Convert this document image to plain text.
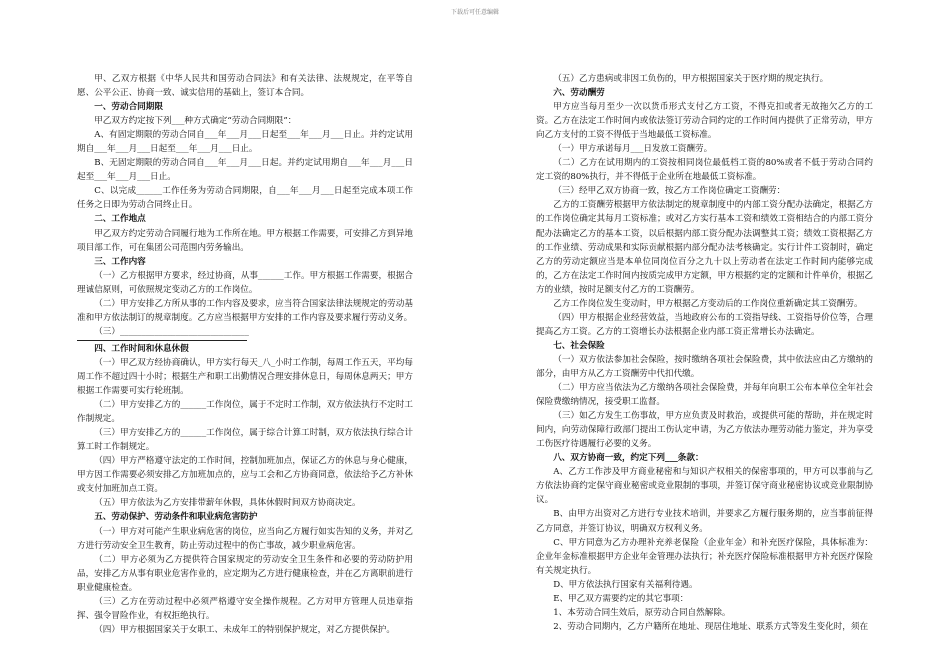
下载后可任意编辑

甲、乙双方根据《中华人民共和国劳动合同法》和有关法律、法规规定，在平等自愿、公平公正、协商一致、诚实信用的基础上，签订本合同。

一、劳动合同期限

甲乙双方约定按下列___种方式确定“劳动合同期限”：

A、有固定期限的劳动合同自___年___月___日起至___年___月___日止。并约定试用期自___年___月___日起至___年___月___日止。

B、无固定期限的劳动合同自___年___月___日起。并约定试用期自___年___月___日起至___年___月___日止。

C、以完成______工作任务为劳动合同期限，自___年___月___日起至完成本项工作任务之日即为劳动合同终止日。

二、工作地点

甲乙双方约定劳动合同履行地为工作所在地。甲方根据工作需要，可安排乙方到异地项目部工作，可在集团公司范围内劳务输出。

三、工作内容

（一）乙方根据甲方要求，经过协商，从事______工作。甲方根据工作需要，根据合理诚信原则，可依照规定变动乙方的工作岗位。

（二）甲方安排乙方所从事的工作内容及要求，应当符合国家法律法规规定的劳动基准和甲方依法制订的规章制度。乙方应当根据甲方安排的工作内容及要求履行劳动义务。

（三）______________________________

四、工作时间和休息休假

（一）甲乙双方经协商确认，甲方实行每天_八_小时工作制，每周工作五天，平均每周工作不超过四十小时；根据生产和职工出勤情况合理安排休息日，每周休息两天；甲方根据工作需要可实行轮班制。

（二）甲方安排乙方的______工作岗位，属于不定时工作制，双方依法执行不定时工作制规定。

（三）甲方安排乙方的______工作岗位，属于综合计算工时制，双方依法执行综合计算工时工作制规定。

（四）甲方严格遵守法定的工作时间，控制加班加点，保证乙方的休息与身心健康，甲方因工作需要必须安排乙方加班加点的，应与工会和乙方协商同意，依法给予乙方补休或支付加班加点工资。

（五）甲方依法为乙方安排带薪年休假，具体休假时间双方协商决定。

五、劳动保护、劳动条件和职业病危害防护

（一）甲方对可能产生职业病危害的岗位，应当向乙方履行如实告知的义务，并对乙方进行劳动安全卫生教育，防止劳动过程中的伤亡事故，减少职业病危害。

（二）甲方必须为乙方提供符合国家规定的劳动安全卫生条件和必要的劳动防护用品，安排乙方从事有职业危害作业的，应定期为乙方进行健康检查，并在乙方离职前进行职业健康检查。

（三）乙方在劳动过程中必须严格遵守安全操作规程。乙方对甲方管理人员违章指挥、强令冒险作业，有权拒绝执行。

（四）甲方根据国家关于女职工、未成年工的特别保护规定，对乙方提供保护。

（五）乙方患病或非因工负伤的，甲方根据国家关于医疗期的规定执行。

六、劳动酬劳

甲方应当每月至少一次以货币形式支付乙方工资，不得克扣或者无故拖欠乙方的工资。乙方在法定工作时间内或依法签订劳动合同约定的工作时间内提供了正常劳动，甲方向乙方支付的工资不得低于当地最低工资标准。

（一）甲方承诺每月___日发放工资酬劳。

（二）乙方在试用期内的工资按相同岗位最低档工资的80%或者不低于劳动合同约定工资的80%执行，并不得低于企业所在地最低工资标准。

（三）经甲乙双方协商一致，按乙方工作岗位确定工资酬劳：

乙方的工资酬劳根据甲方依法制定的规章制度中的内部工资分配办法确定，根据乙方的工作岗位确定其每月工资标准；或对乙方实行基本工资和绩效工资相结合的内部工资分配办法确定乙方的基本工资，以后根据内部工资分配办法调整其工资；绩效工资根据乙方的工作业绩、劳动成果和实际贡献根据内部分配办法考核确定。实行计件工资制时，确定乙方的劳动定额应当是本单位同岗位百分之九十以上劳动者在法定工作时间内能够完成的，乙方在法定工作时间内按质完成甲方定额，甲方根据约定的定额和计件单价，根据乙方的业绩，按时足额支付乙方的工资酬劳。

乙方工作岗位发生变动时，甲方根据乙方变动后的工作岗位重新确定其工资酬劳。

（四）甲方根据企业经营效益，当地政府公布的工资指导线、工资指导价位等，合理提高乙方工资。乙方的工资增长办法根据企业内部工资正常增长办法确定。

七、社会保险

（一）双方依法参加社会保险，按时缴纳各项社会保险费，其中依法应由乙方缴纳的部分，由甲方从乙方工资酬劳中代扣代缴。

（二）甲方应当依法为乙方缴纳各项社会保险费，并每年向职工公布本单位全年社会保险费缴纳情况，接受职工监督。

（三）如乙方发生工伤事故，甲方应负责及时救治，或提供可能的帮助，并在规定时间内，向劳动保障行政部门提出工伤认定申请，为乙方依法办理劳动能力鉴定，并为享受工伤医疗待遇履行必要的义务。

八、双方协商一致，约定下列___条款：

A、乙方工作涉及甲方商业秘密和与知识产权相关的保密事项的，甲方可以事前与乙方依法协商约定保守商业秘密或竞业限制的事项，并签订保守商业秘密协议或竞业限制协议。

B、由甲方出资对乙方进行专业技术培训，并要求乙方履行服务期的，应当事前征得乙方同意，并签订协议，明确双方权利义务。

C、甲方同意为乙方办理补充养老保险（企业年金）和补充医疗保险，具体标准为：企业年金标准根据甲方企业年金管理办法执行；补充医疗保险标准根据甲方补充医疗保险有关规定执行。

D、甲方依法执行国家有关福利待遇。

E、甲乙双方需要约定的其它事项：

1、本劳动合同生效后，原劳动合同自然解除。

2、劳动合同期内，乙方户籍所在地址、现居住地址、联系方式等发生变化时，须在
